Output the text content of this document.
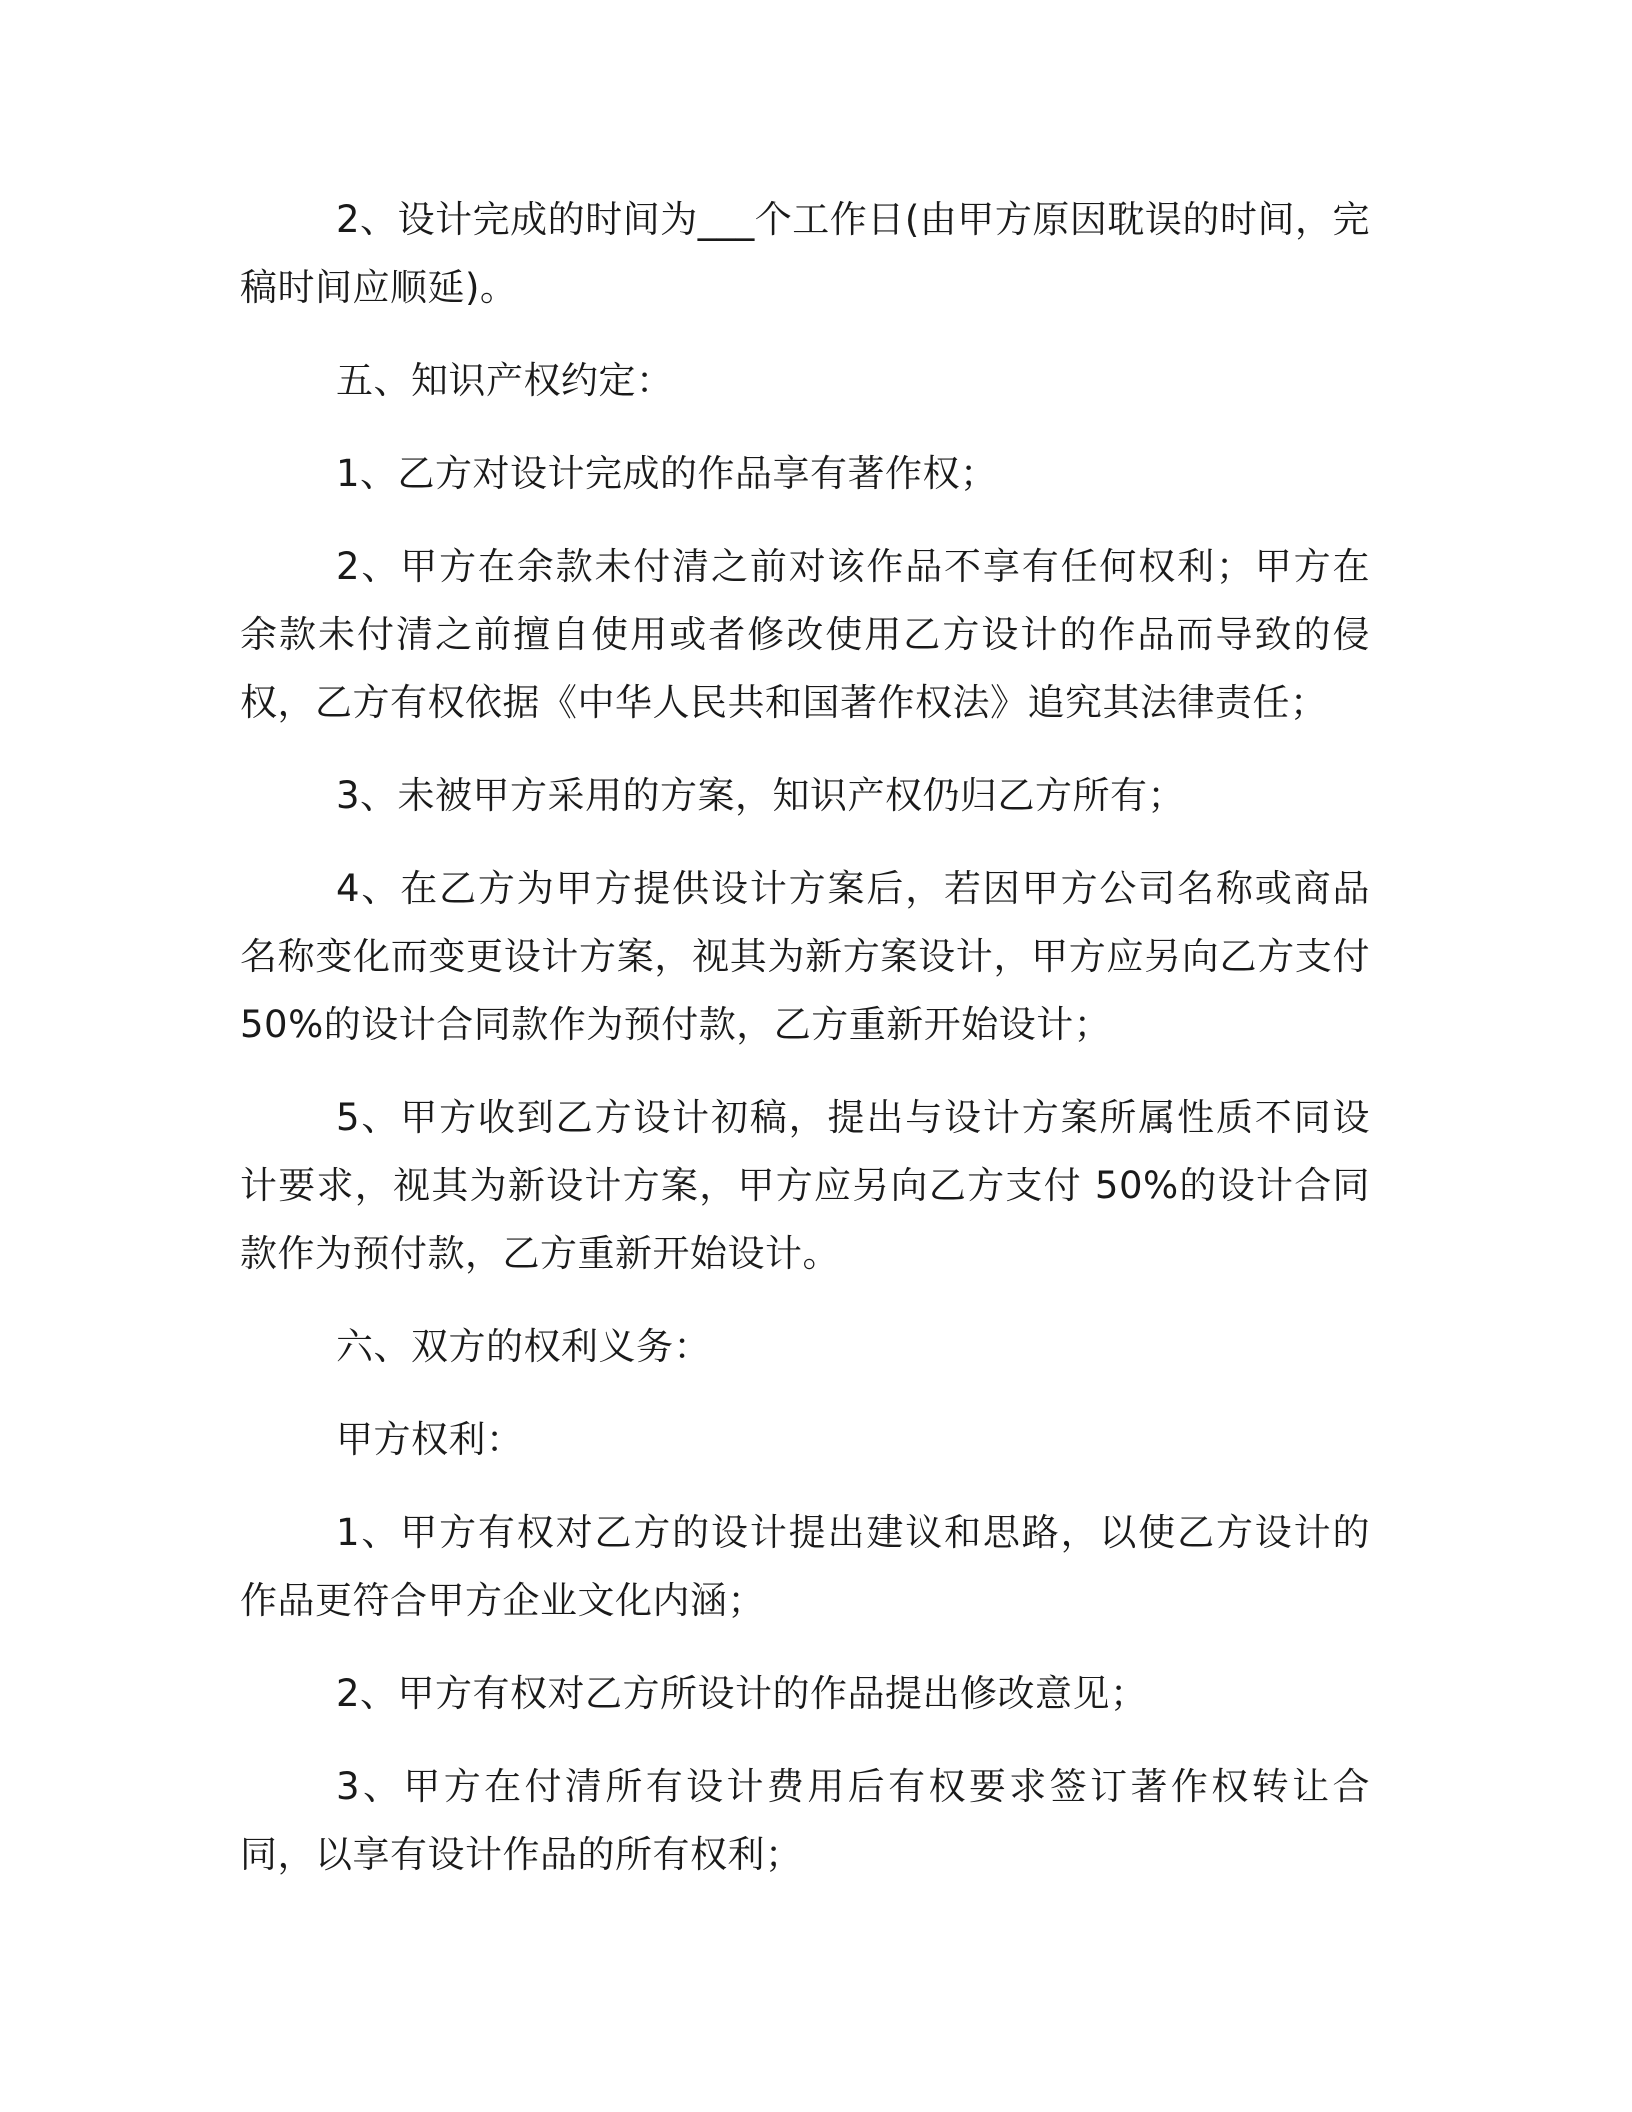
2、设计完成的时间为___个工作日(由甲方原因耽误的时间，完稿时间应顺延)。

五、知识产权约定：

1、乙方对设计完成的作品享有著作权；

2、甲方在余款未付清之前对该作品不享有任何权利；甲方在余款未付清之前擅自使用或者修改使用乙方设计的作品而导致的侵权，乙方有权依据《中华人民共和国著作权法》追究其法律责任；

3、未被甲方采用的方案，知识产权仍归乙方所有；

4、在乙方为甲方提供设计方案后，若因甲方公司名称或商品名称变化而变更设计方案，视其为新方案设计，甲方应另向乙方支付50%的设计合同款作为预付款，乙方重新开始设计；

5、甲方收到乙方设计初稿，提出与设计方案所属性质不同设计要求，视其为新设计方案，甲方应另向乙方支付 50%的设计合同款作为预付款，乙方重新开始设计。

六、双方的权利义务：

甲方权利：

1、甲方有权对乙方的设计提出建议和思路，以使乙方设计的作品更符合甲方企业文化内涵；

2、甲方有权对乙方所设计的作品提出修改意见；

3、甲方在付清所有设计费用后有权要求签订著作权转让合同，以享有设计作品的所有权利；
